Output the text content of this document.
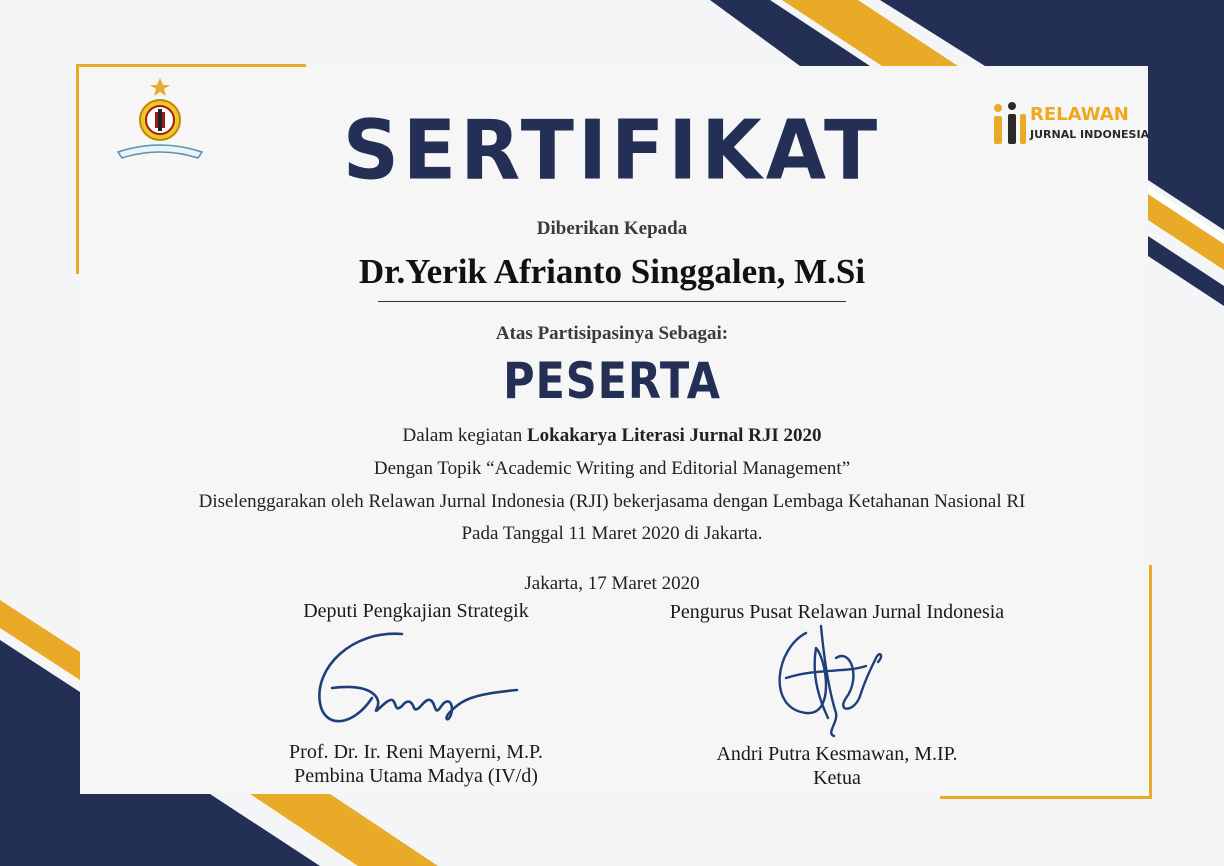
RELAWAN
JURNAL INDONESIA
SERTIFIKAT
Diberikan Kepada
Dr.Yerik Afrianto Singgalen, M.Si
Atas Partisipasinya Sebagai:
PESERTA
Dalam kegiatan Lokakarya Literasi Jurnal RJI 2020
Dengan Topik “Academic Writing and Editorial Management”
Diselenggarakan oleh Relawan Jurnal Indonesia (RJI) bekerjasama dengan Lembaga Ketahanan Nasional RI
Pada Tanggal 11 Maret 2020 di Jakarta.
Jakarta, 17 Maret 2020
Deputi Pengkajian Strategik	Pengurus Pusat Relawan Jurnal Indonesia
Prof. Dr. Ir. Reni Mayerni, M.P.
Pembina Utama Madya (IV/d)
Andri Putra Kesmawan, M.IP.
Ketua
